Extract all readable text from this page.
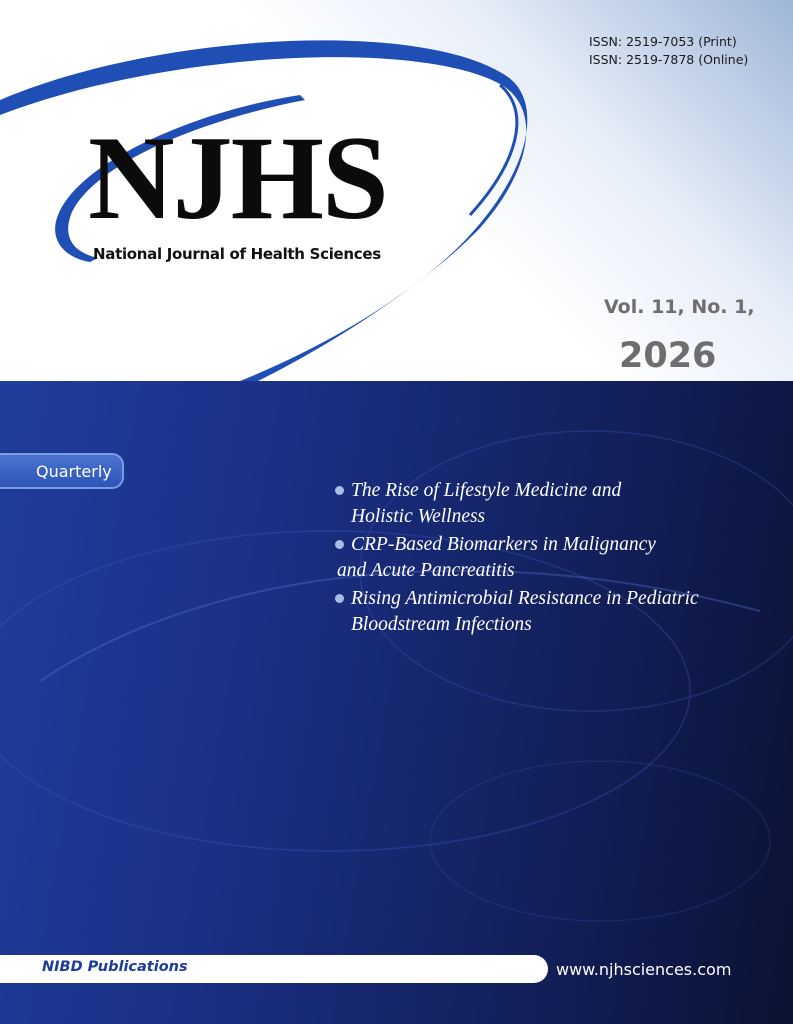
NJHS
National Journal of Health Sciences
ISSN: 2519-7053 (Print)
ISSN: 2519-7878 (Online)
Vol. 11, No. 1,
2026
Quarterly
The Rise of Lifestyle Medicine and
Holistic Wellness
CRP-Based Biomarkers in Malignancy
and Acute Pancreatitis
Rising Antimicrobial Resistance in Pediatric
Bloodstream Infections
NIBD Publications	www.njhsciences.com
